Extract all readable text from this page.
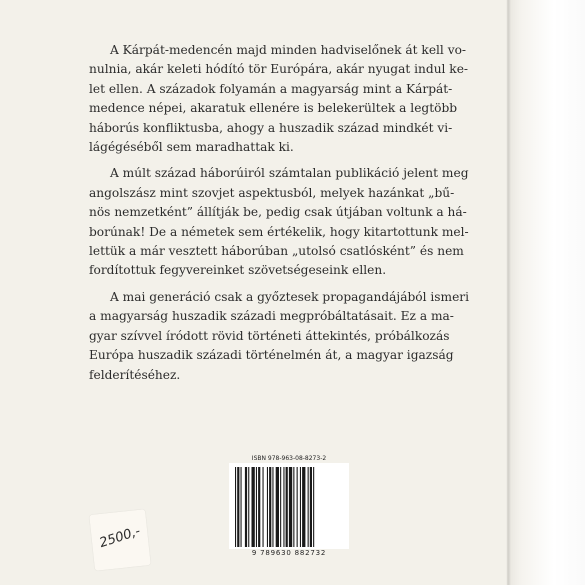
A Kárpát-medencén majd minden hadviselőnek át kell vo-
nulnia, akár keleti hódító tör Európára, akár nyugat indul ke-
let ellen. A századok folyamán a magyarság mint a Kárpát-
medence népei, akaratuk ellenére is belekerültek a legtöbb
háborús konfliktusba, ahogy a huszadik század mindkét vi-
lágégéséből sem maradhattak ki.

A múlt század háborúiról számtalan publikáció jelent meg
angolszász mint szovjet aspektusból, melyek hazánkat „bű-
nös nemzetként” állítják be, pedig csak útjában voltunk a há-
borúnak! De a németek sem értékelik, hogy kitartottunk mel-
lettük a már vesztett háborúban „utolsó csatlósként” és nem
fordítottuk fegyvereinket szövetségeseink ellen.

A mai generáció csak a győztesek propagandájából ismeri
a magyarság huszadik századi megpróbáltatásait. Ez a ma-
gyar szívvel íródott rövid történeti áttekintés, próbálkozás
Európa huszadik századi történelmén át, a magyar igazság
felderítéséhez.

ISBN 978-963-08-8273-2
9 789630 882732
2500,-
